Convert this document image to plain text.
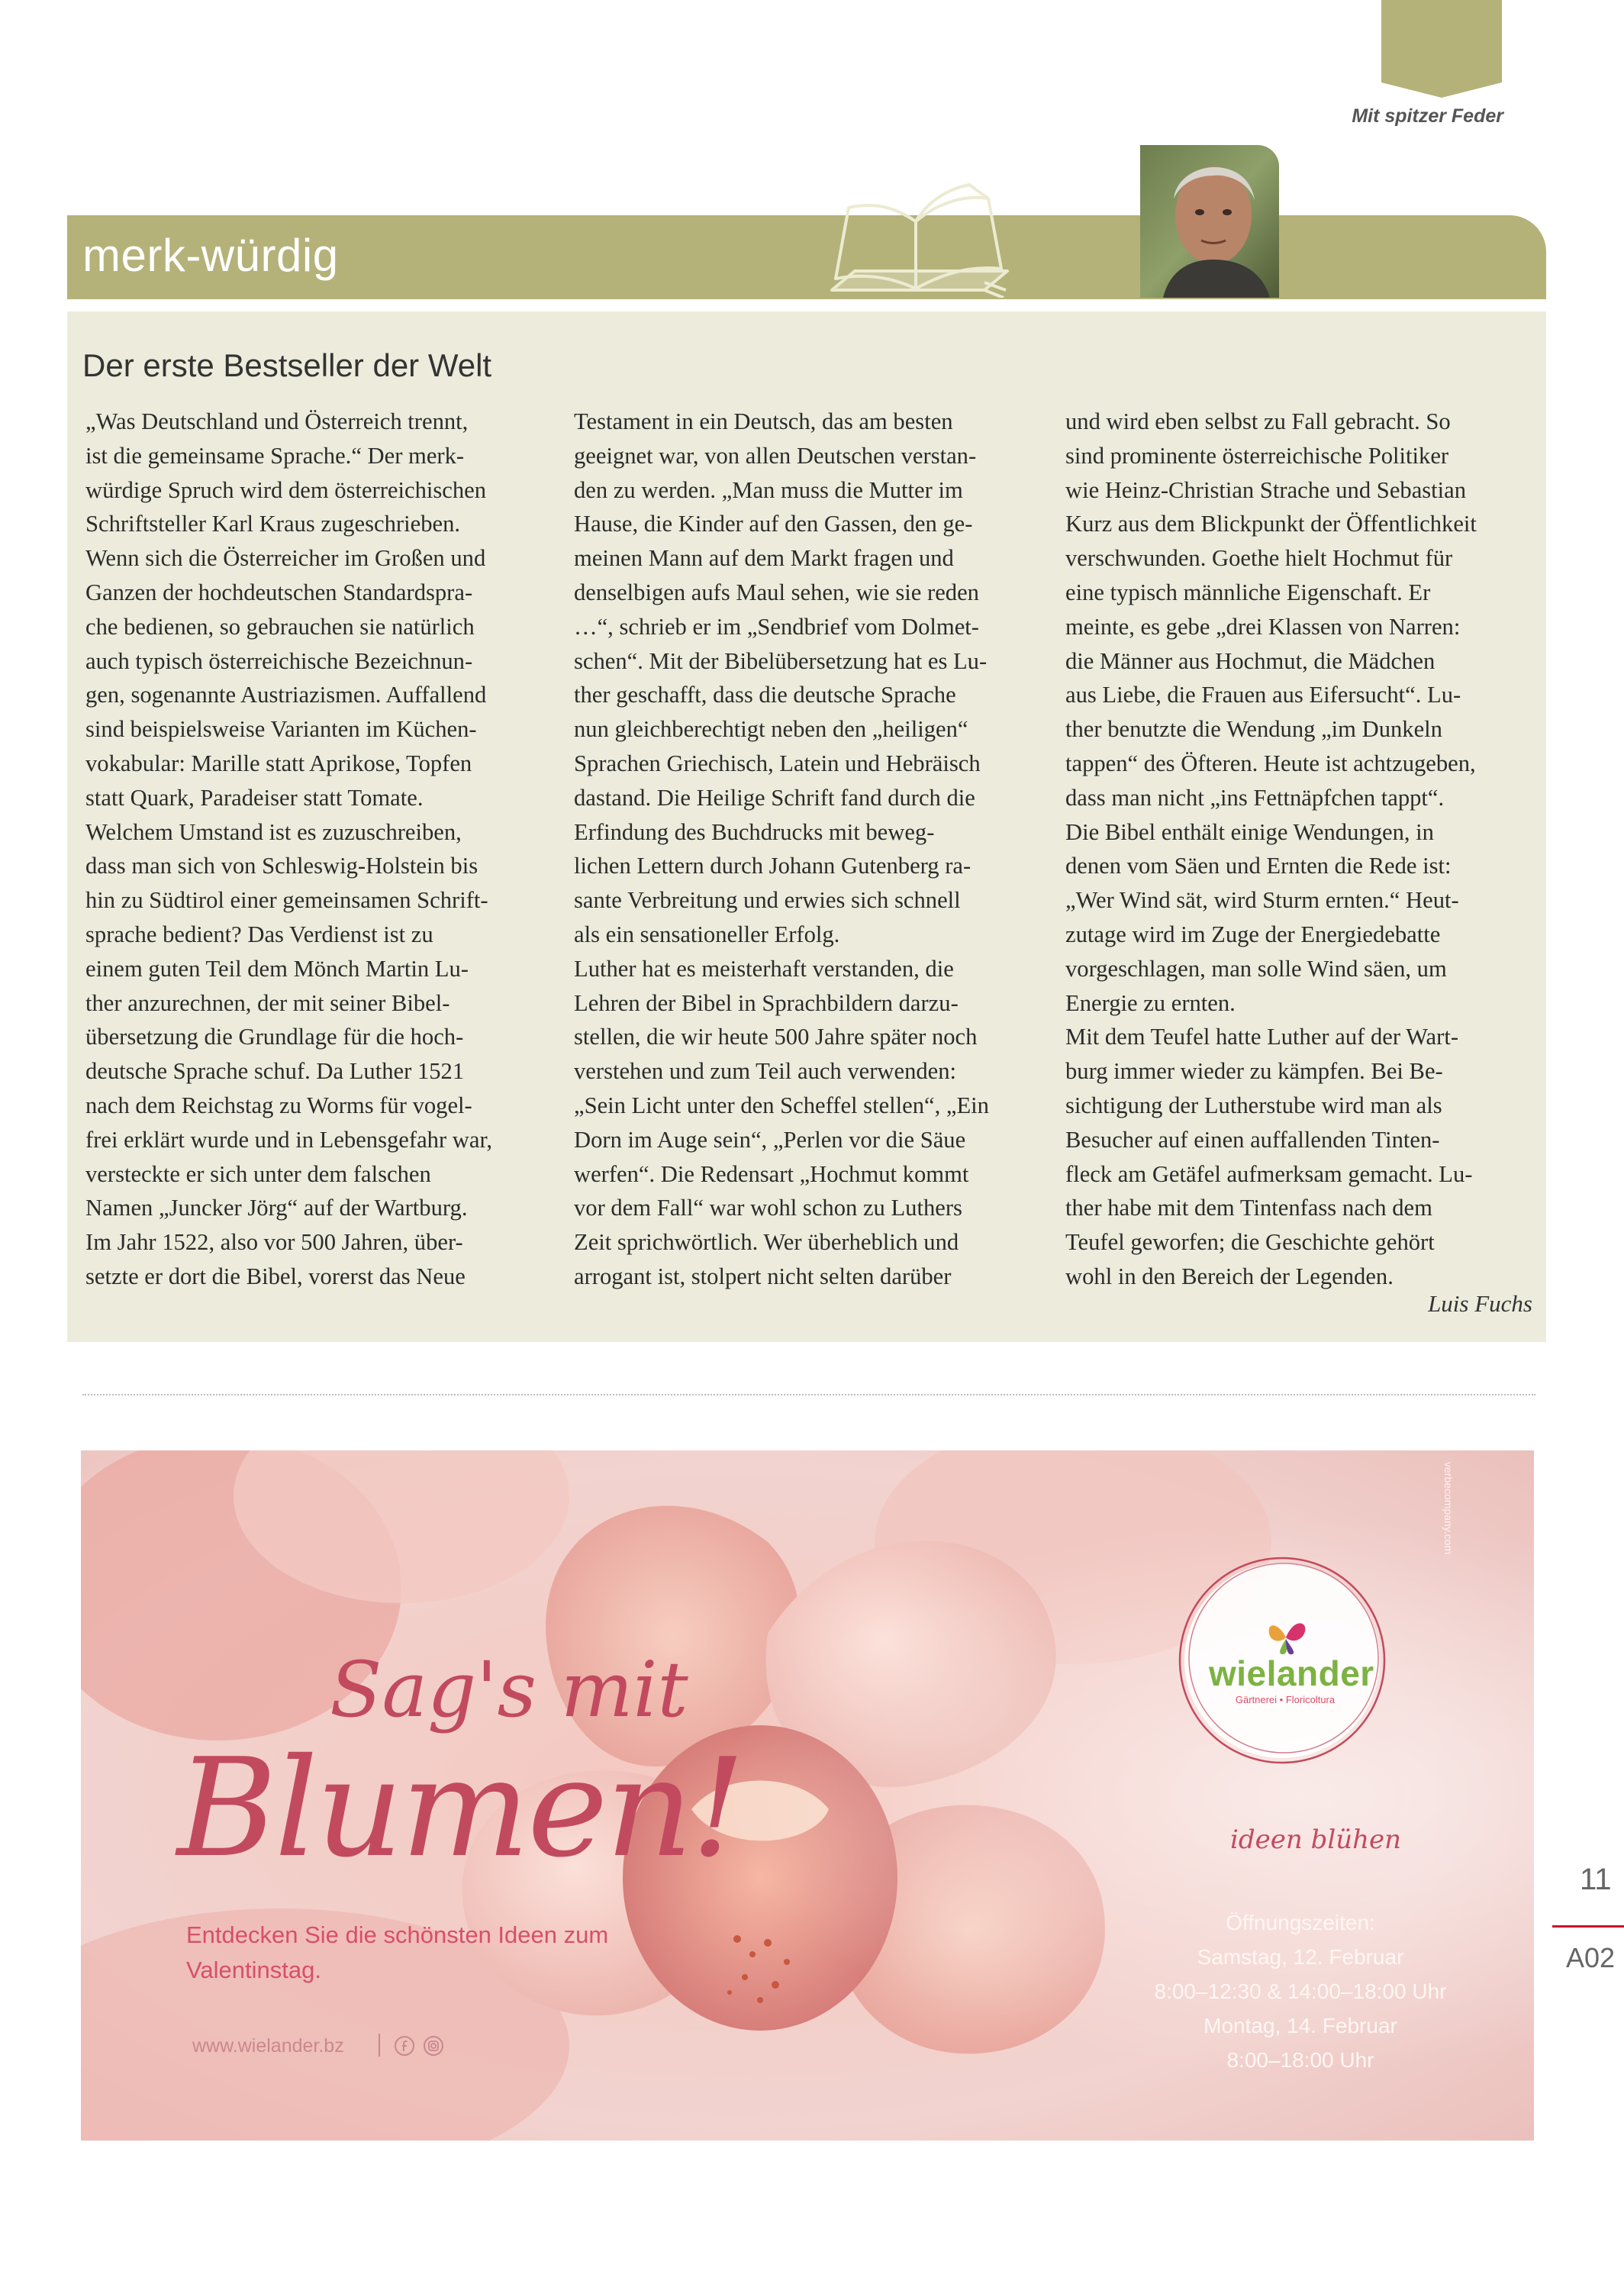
Mit spitzer Feder
merk-würdig
Der erste Bestseller der Welt
„Was Deutschland und Österreich trennt,
ist die gemeinsame Sprache.“ Der merk-
würdige Spruch wird dem österreichischen
Schriftsteller Karl Kraus zugeschrieben.
Wenn sich die Österreicher im Großen und
Ganzen der hochdeutschen Standardspra-
che bedienen, so gebrauchen sie natürlich
auch typisch österreichische Bezeichnun-
gen, sogenannte Austriazismen. Auffallend
sind beispielsweise Varianten im Küchen-
vokabular: Marille statt Aprikose, Topfen
statt Quark, Paradeiser statt Tomate.
Welchem Umstand ist es zuzuschreiben,
dass man sich von Schleswig-Holstein bis
hin zu Südtirol einer gemeinsamen Schrift-
sprache bedient? Das Verdienst ist zu
einem guten Teil dem Mönch Martin Lu-
ther anzurechnen, der mit seiner Bibel-
übersetzung die Grundlage für die hoch-
deutsche Sprache schuf. Da Luther 1521
nach dem Reichstag zu Worms für vogel-
frei erklärt wurde und in Lebensgefahr war,
versteckte er sich unter dem falschen
Namen „Juncker Jörg“ auf der Wartburg.
Im Jahr 1522, also vor 500 Jahren, über-
setzte er dort die Bibel, vorerst das Neue
Testament in ein Deutsch, das am besten
geeignet war, von allen Deutschen verstan-
den zu werden. „Man muss die Mutter im
Hause, die Kinder auf den Gassen, den ge-
meinen Mann auf dem Markt fragen und
denselbigen aufs Maul sehen, wie sie reden
…“, schrieb er im „Sendbrief vom Dolmet-
schen“. Mit der Bibelübersetzung hat es Lu-
ther geschafft, dass die deutsche Sprache
nun gleichberechtigt neben den „heiligen“
Sprachen Griechisch, Latein und Hebräisch
dastand. Die Heilige Schrift fand durch die
Erfindung des Buchdrucks mit beweg-
lichen Lettern durch Johann Gutenberg ra-
sante Verbreitung und erwies sich schnell
als ein sensationeller Erfolg.
Luther hat es meisterhaft verstanden, die
Lehren der Bibel in Sprachbildern darzu-
stellen, die wir heute 500 Jahre später noch
verstehen und zum Teil auch verwenden:
„Sein Licht unter den Scheffel stellen“, „Ein
Dorn im Auge sein“, „Perlen vor die Säue
werfen“. Die Redensart „Hochmut kommt
vor dem Fall“ war wohl schon zu Luthers
Zeit sprichwörtlich. Wer überheblich und
arrogant ist, stolpert nicht selten darüber
und wird eben selbst zu Fall gebracht. So
sind prominente österreichische Politiker
wie Heinz-Christian Strache und Sebastian
Kurz aus dem Blickpunkt der Öffentlichkeit
verschwunden. Goethe hielt Hochmut für
eine typisch männliche Eigenschaft. Er
meinte, es gebe „drei Klassen von Narren:
die Männer aus Hochmut, die Mädchen
aus Liebe, die Frauen aus Eifersucht“. Lu-
ther benutzte die Wendung „im Dunkeln
tappen“ des Öfteren. Heute ist achtzugeben,
dass man nicht „ins Fettnäpfchen tappt“.
Die Bibel enthält einige Wendungen, in
denen vom Säen und Ernten die Rede ist:
„Wer Wind sät, wird Sturm ernten.“ Heut-
zutage wird im Zuge der Energiedebatte
vorgeschlagen, man solle Wind säen, um
Energie zu ernten.
Mit dem Teufel hatte Luther auf der Wart-
burg immer wieder zu kämpfen. Bei Be-
sichtigung der Lutherstube wird man als
Besucher auf einen auffallenden Tinten-
fleck am Getäfel aufmerksam gemacht. Lu-
ther habe mit dem Tintenfass nach dem
Teufel geworfen; die Geschichte gehört
wohl in den Bereich der Legenden.
Luis Fuchs
verbecompany.com
Sag's mit
Blumen!
Entdecken Sie die schönsten Ideen zum Valentinstag.
www.wielander.bz
wielander
Gärtnerei • Floricoltura
ideen blühen
Öffnungszeiten:
Samstag, 12. Februar
8:00–12:30 & 14:00–18:00 Uhr
Montag, 14. Februar
8:00–18:00 Uhr
11
A02
